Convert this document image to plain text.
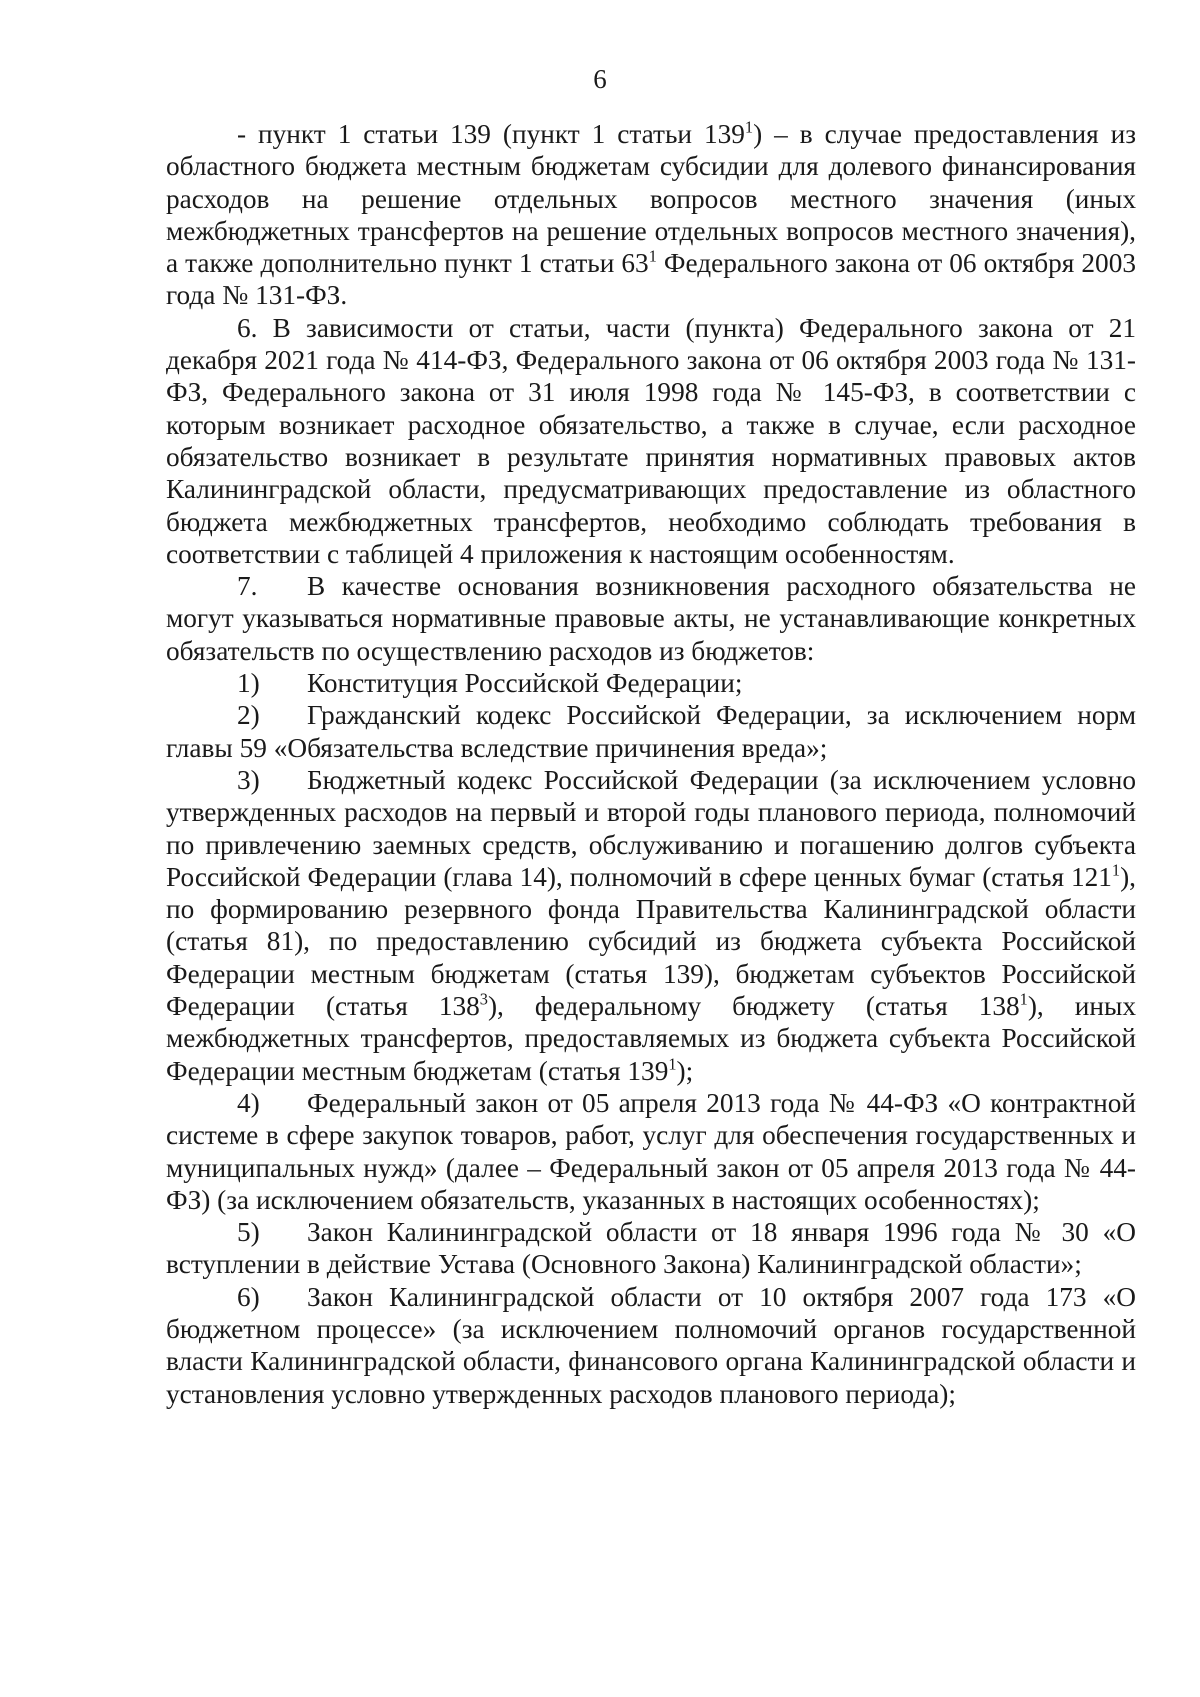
6

- пункт 1 статьи 139 (пункт 1 статьи $139^1$) – в случае предоставления из областного бюджета местным бюджетам субсидии для долевого финансирования расходов на решение отдельных вопросов местного значения (иных межбюджетных трансфертов на решение отдельных вопросов местного значения), а также дополнительно пункт 1 статьи $63^1$ Федерального закона от 06 октября 2003 года № 131-ФЗ.

6. В зависимости от статьи, части (пункта) Федерального закона от 21 декабря 2021 года № 414-ФЗ, Федерального закона от 06 октября 2003 года № 131-ФЗ, Федерального закона от 31 июля 1998 года № 145-ФЗ, в соответствии с которым возникает расходное обязательство, а также в случае, если расходное обязательство возникает в результате принятия нормативных правовых актов Калининградской области, предусматривающих предоставление из областного бюджета межбюджетных трансфертов, необходимо соблюдать требования в соответствии с таблицей 4 приложения к настоящим особенностям.

7. В качестве основания возникновения расходного обязательства не могут указываться нормативные правовые акты, не устанавливающие конкретных обязательств по осуществлению расходов из бюджетов:

1) Конституция Российской Федерации;

2) Гражданский кодекс Российской Федерации, за исключением норм главы 59 «Обязательства вследствие причинения вреда»;

3) Бюджетный кодекс Российской Федерации (за исключением условно утвержденных расходов на первый и второй годы планового периода, полномочий по привлечению заемных средств, обслуживанию и погашению долгов субъекта Российской Федерации (глава 14), полномочий в сфере ценных бумаг (статья $121^1$), по формированию резервного фонда Правительства Калининградской области (статья 81), по предоставлению субсидий из бюджета субъекта Российской Федерации местным бюджетам (статья 139), бюджетам субъектов Российской Федерации (статья $138^3$), федеральному бюджету (статья $138^1$), иных межбюджетных трансфертов, предоставляемых из бюджета субъекта Российской Федерации местным бюджетам (статья $139^1$);

4) Федеральный закон от 05 апреля 2013 года № 44-ФЗ «О контрактной системе в сфере закупок товаров, работ, услуг для обеспечения государственных и муниципальных нужд» (далее – Федеральный закон от 05 апреля 2013 года № 44-ФЗ) (за исключением обязательств, указанных в настоящих особенностях);

5) Закон Калининградской области от 18 января 1996 года № 30 «О вступлении в действие Устава (Основного Закона) Калининградской области»;

6) Закон Калининградской области от 10 октября 2007 года 173 «О бюджетном процессе» (за исключением полномочий органов государственной власти Калининградской области, финансового органа Калининградской области и установления условно утвержденных расходов планового периода);
